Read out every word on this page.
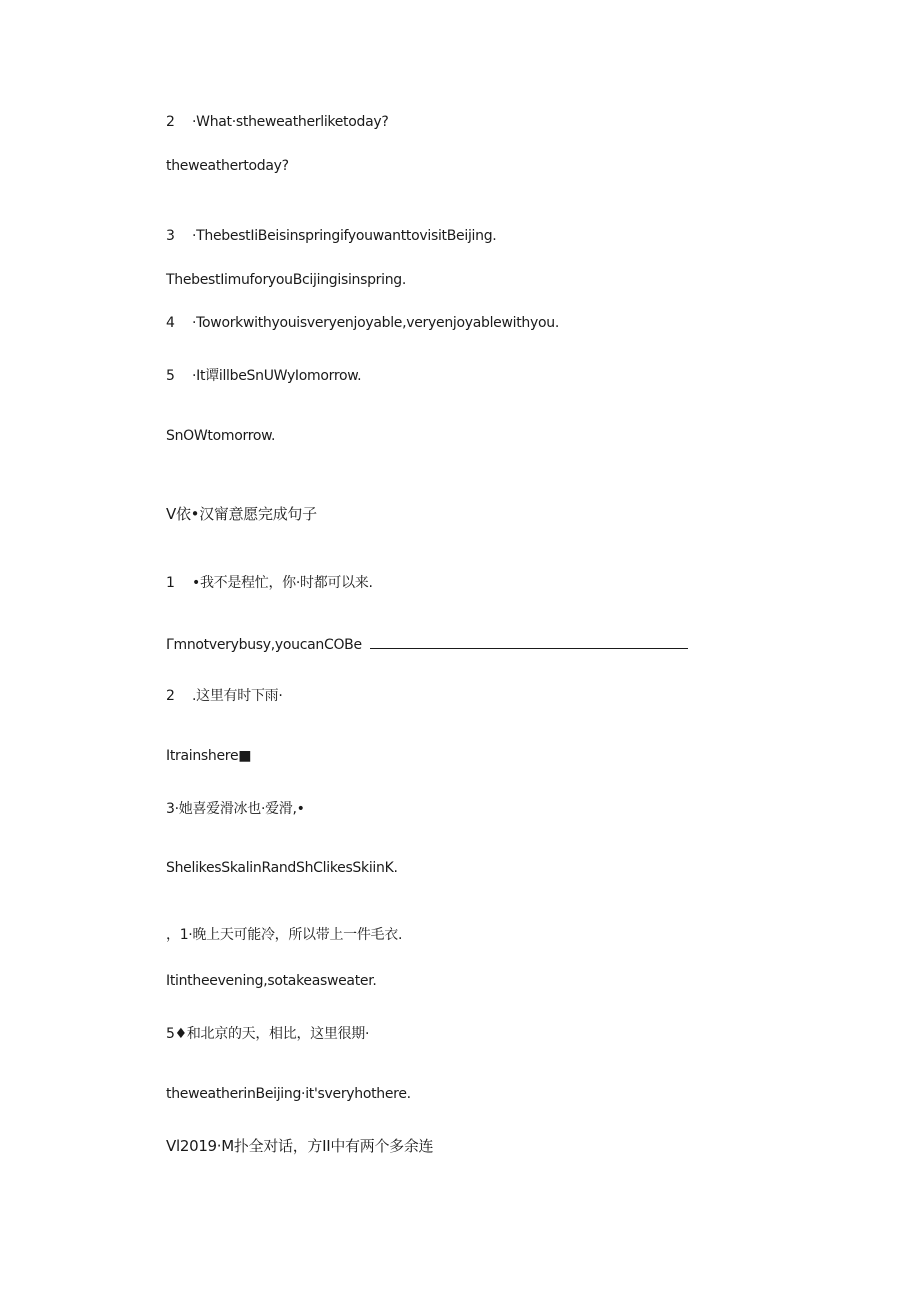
2 ·What·stheweatherliketoday?
theweathertoday?
3 ·ThebestIiBeisinspringifyouwanttovisitBeijing.
ThebestIimuforyouBcijingisinspring.
4 ·Toworkwithyouisveryenjoyable,veryenjoyablewithyou.
5 ·It谭illbeSnUWyIomorrow.
SnOWtomorrow.
V依•汉甯意愿完成句子
1 •我不是程忙，你·时都可以来.
Γmnotverybusy,youcanCOBe
2 .这里有时下雨·
Itrainshere■
3·她喜爱滑冰也·爱滑,•
ShelikesSkalinRandShClikesSkiinK.
，1·晚上天可能冷，所以带上一件毛衣.
Itintheevening,sotakeasweater.
5♦和北京的天，相比，这里很期·
theweatherinBeijing·it'sveryhothere.
Vl2019·M扑全对话，方II中有两个多余连
